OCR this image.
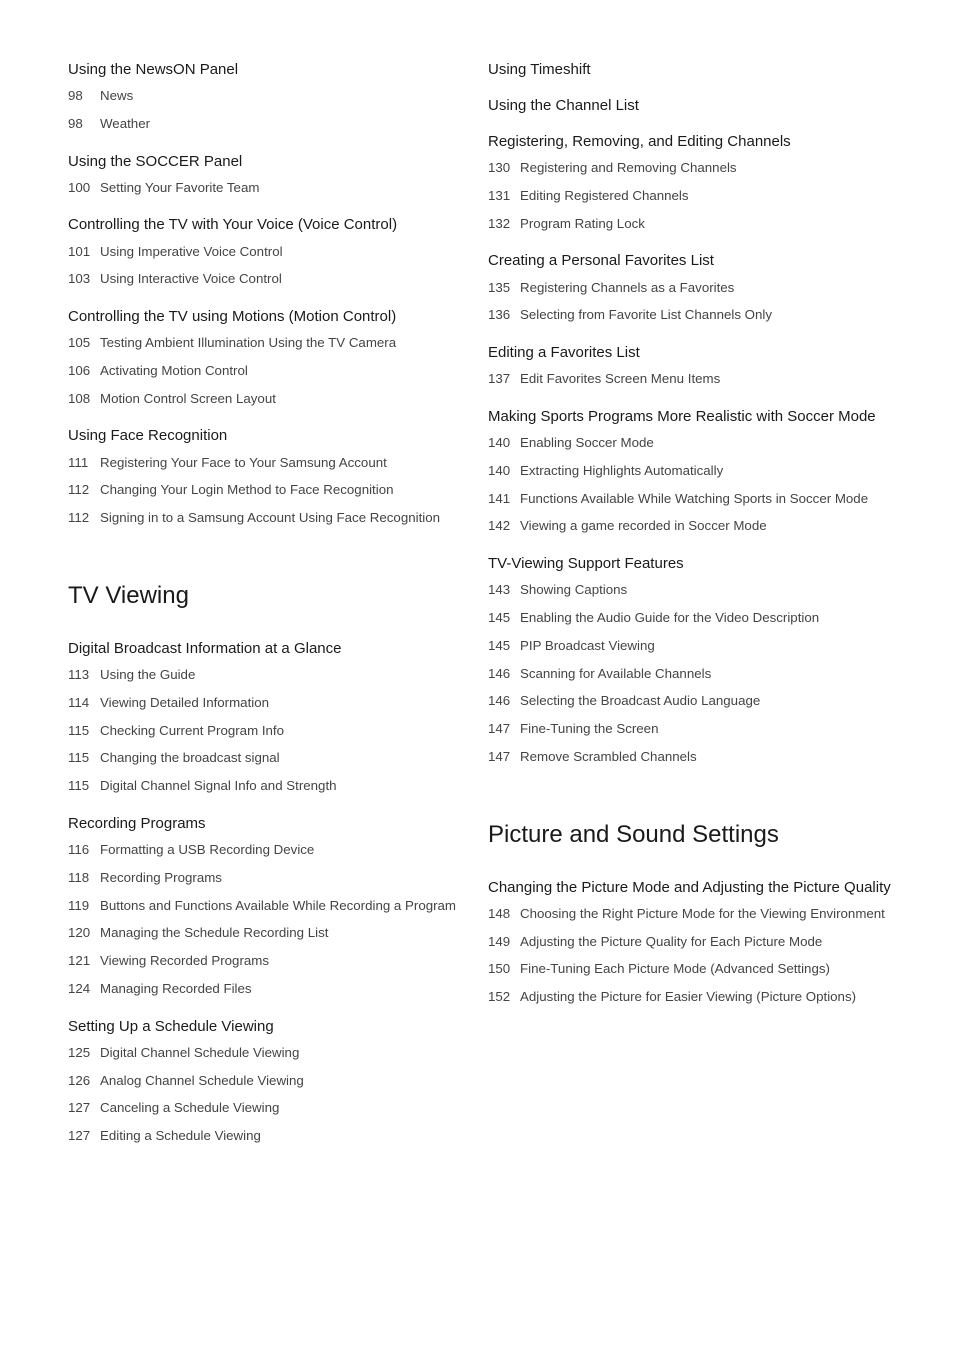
Using the NewsON Panel
98	News
98	Weather
Using the SOCCER Panel
100 Setting Your Favorite Team
Controlling the TV with Your Voice (Voice Control)
101 Using Imperative Voice Control
103 Using Interactive Voice Control
Controlling the TV using Motions (Motion Control)
105 Testing Ambient Illumination Using the TV Camera
106 Activating Motion Control
108 Motion Control Screen Layout
Using Face Recognition
111 Registering Your Face to Your Samsung Account
112 Changing Your Login Method to Face Recognition
112 Signing in to a Samsung Account Using Face Recognition
TV Viewing
Digital Broadcast Information at a Glance
113 Using the Guide
114 Viewing Detailed Information
115 Checking Current Program Info
115 Changing the broadcast signal
115 Digital Channel Signal Info and Strength
Recording Programs
116 Formatting a USB Recording Device
118 Recording Programs
119 Buttons and Functions Available While Recording a Program
120 Managing the Schedule Recording List
121 Viewing Recorded Programs
124 Managing Recorded Files
Setting Up a Schedule Viewing
125 Digital Channel Schedule Viewing
126 Analog Channel Schedule Viewing
127 Canceling a Schedule Viewing
127 Editing a Schedule Viewing
Using Timeshift
Using the Channel List
Registering, Removing, and Editing Channels
130 Registering and Removing Channels
131 Editing Registered Channels
132 Program Rating Lock
Creating a Personal Favorites List
135 Registering Channels as a Favorites
136 Selecting from Favorite List Channels Only
Editing a Favorites List
137 Edit Favorites Screen Menu Items
Making Sports Programs More Realistic with Soccer Mode
140 Enabling Soccer Mode
140 Extracting Highlights Automatically
141 Functions Available While Watching Sports in Soccer Mode
142 Viewing a game recorded in Soccer Mode
TV-Viewing Support Features
143 Showing Captions
145 Enabling the Audio Guide for the Video Description
145 PIP Broadcast Viewing
146 Scanning for Available Channels
146 Selecting the Broadcast Audio Language
147 Fine-Tuning the Screen
147 Remove Scrambled Channels
Picture and Sound Settings
Changing the Picture Mode and Adjusting the Picture Quality
148 Choosing the Right Picture Mode for the Viewing Environment
149 Adjusting the Picture Quality for Each Picture Mode
150 Fine-Tuning Each Picture Mode (Advanced Settings)
152 Adjusting the Picture for Easier Viewing (Picture Options)
